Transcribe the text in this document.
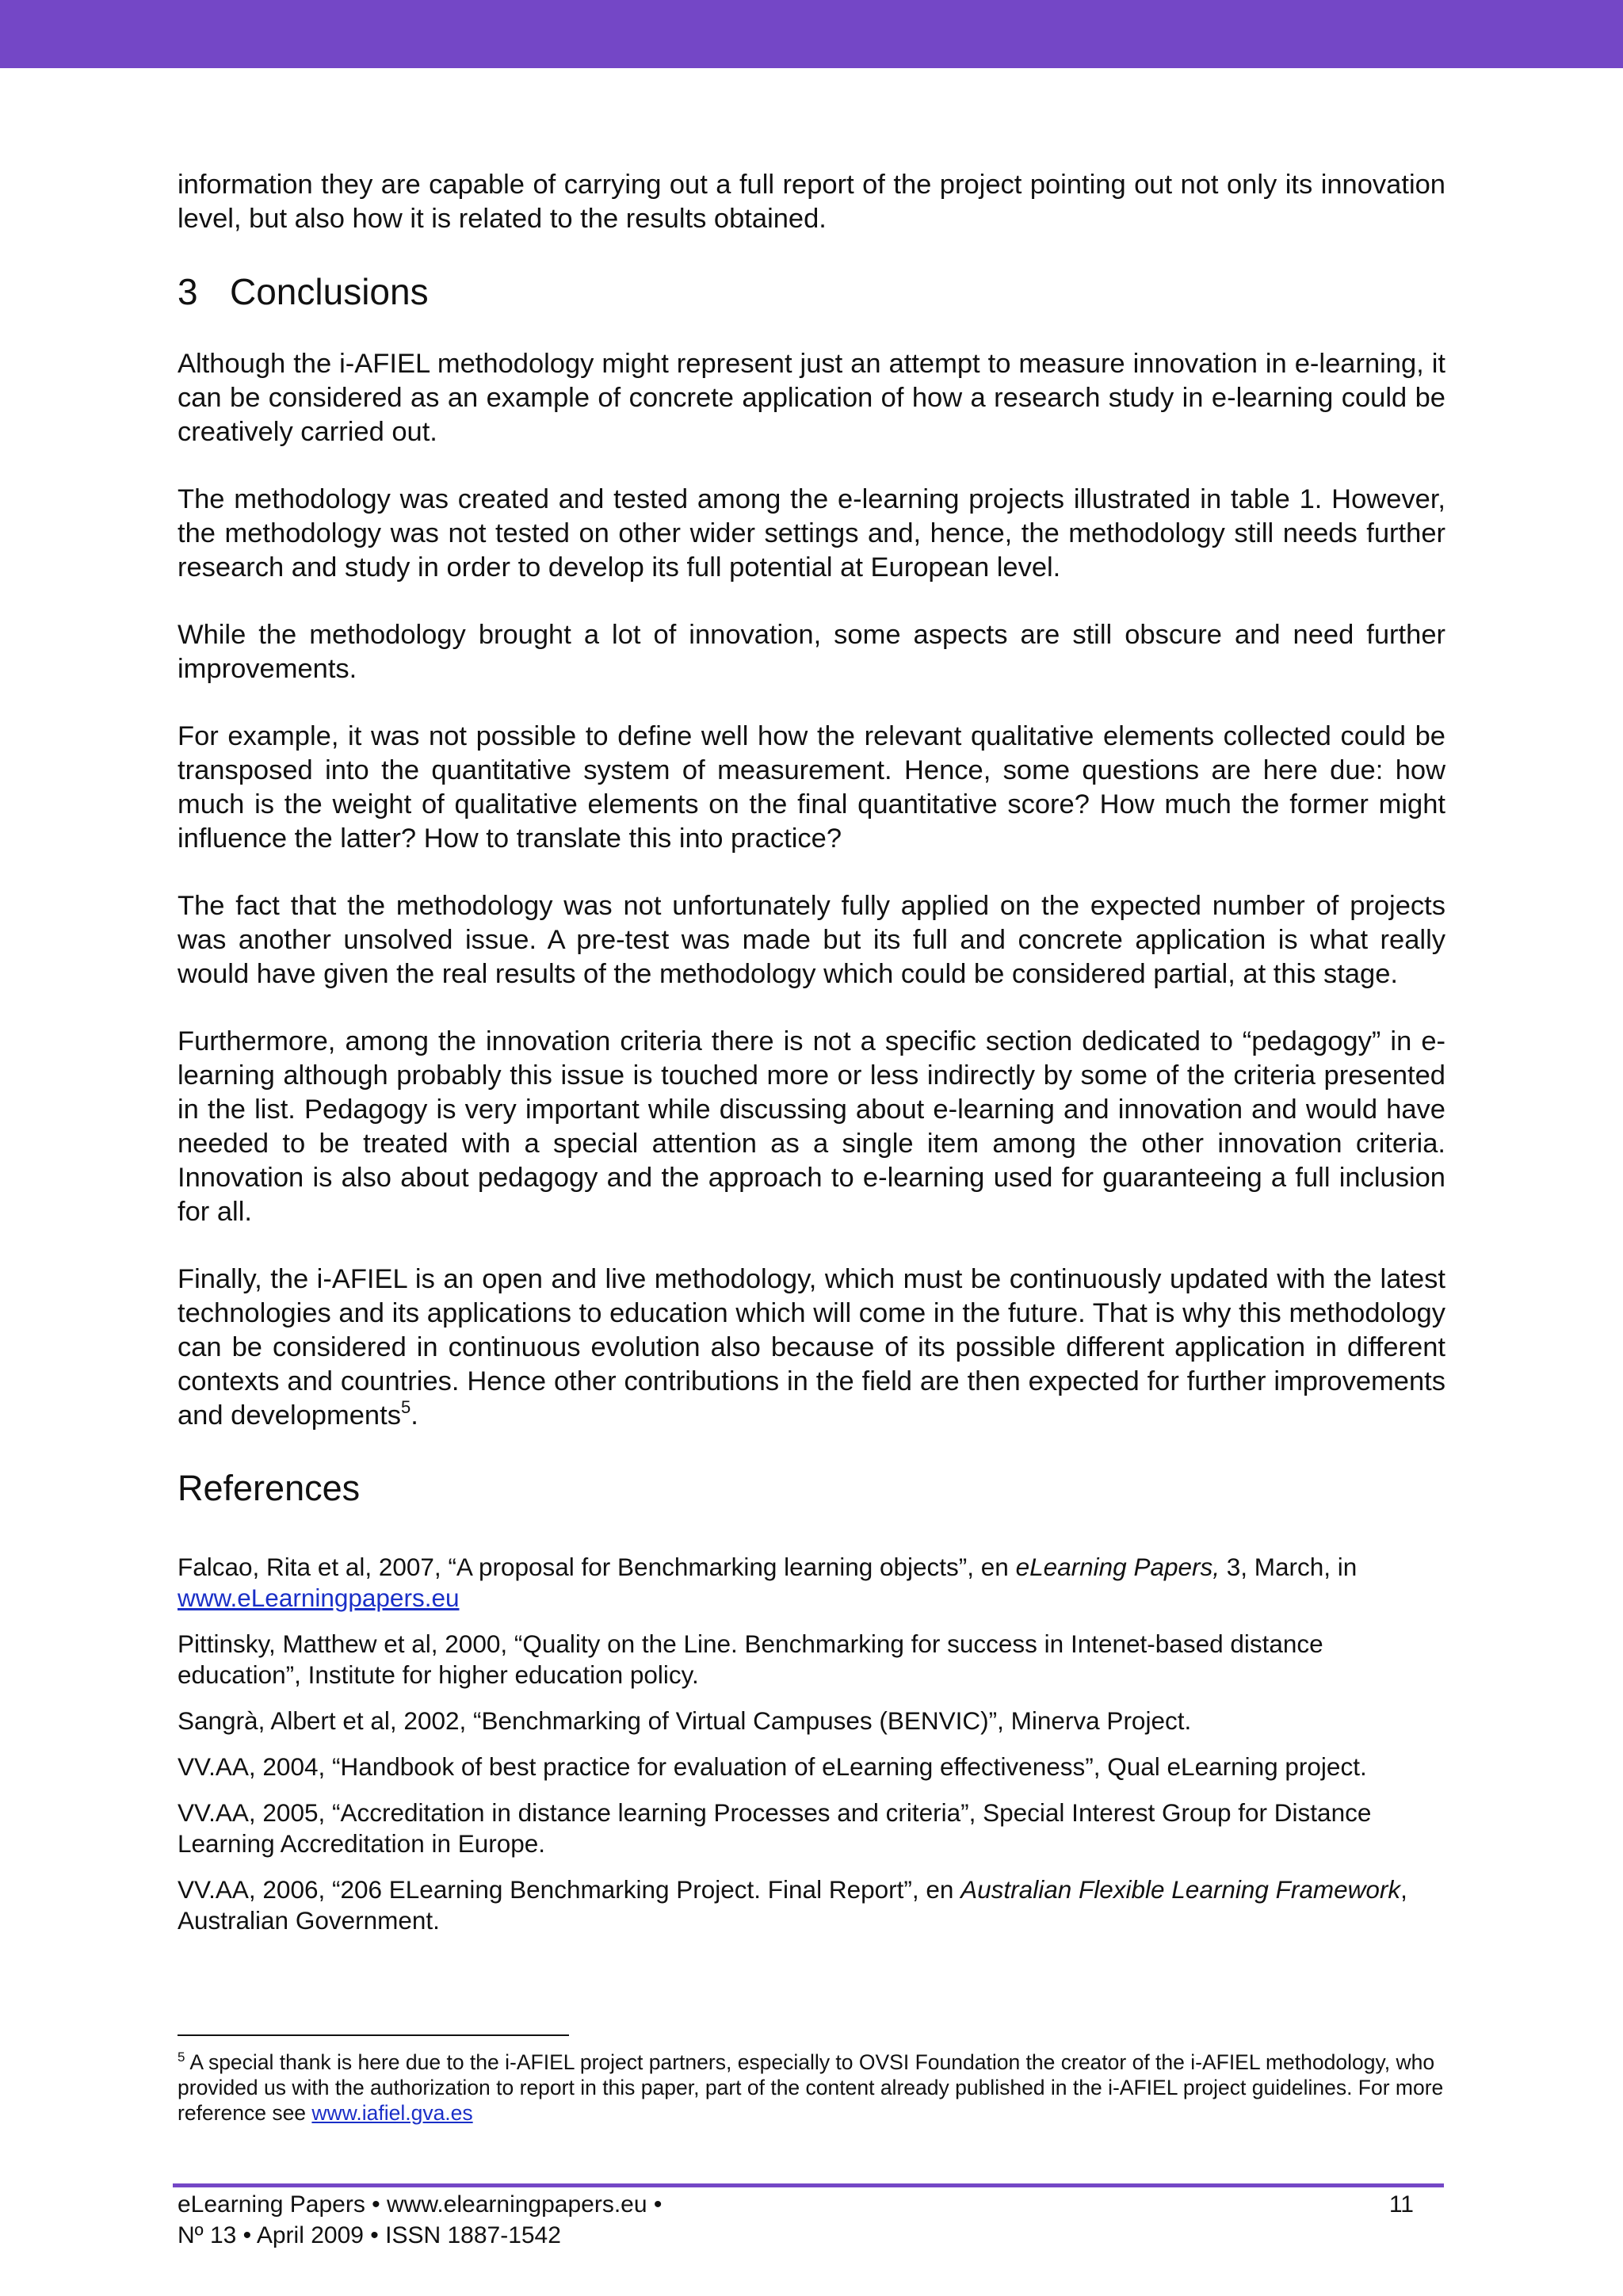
information they are capable of carrying out a full report of the project pointing out not only its innovation level, but also how it is related to the results obtained.

3 Conclusions

Although the i-AFIEL methodology might represent just an attempt to measure innovation in e-learning, it can be considered as an example of concrete application of how a research study in e-learning could be creatively carried out.

The methodology was created and tested among the e-learning projects illustrated in table 1. However, the methodology was not tested on other wider settings and, hence, the methodology still needs further research and study in order to develop its full potential at European level.

While the methodology brought a lot of innovation, some aspects are still obscure and need further improvements.

For example, it was not possible to define well how the relevant qualitative elements collected could be transposed into the quantitative system of measurement. Hence, some questions are here due: how much is the weight of qualitative elements on the final quantitative score? How much the former might influence the latter? How to translate this into practice?

The fact that the methodology was not unfortunately fully applied on the expected number of projects was another unsolved issue. A pre-test was made but its full and concrete application is what really would have given the real results of the methodology which could be considered partial, at this stage.

Furthermore, among the innovation criteria there is not a specific section dedicated to “pedagogy” in e-learning although probably this issue is touched more or less indirectly by some of the criteria presented in the list. Pedagogy is very important while discussing about e-learning and innovation and would have needed to be treated with a special attention as a single item among the other innovation criteria. Innovation is also about pedagogy and the approach to e-learning used for guaranteeing a full inclusion for all.

Finally, the i-AFIEL is an open and live methodology, which must be continuously updated with the latest technologies and its applications to education which will come in the future. That is why this methodology can be considered in continuous evolution also because of its possible different application in different contexts and countries. Hence other contributions in the field are then expected for further improvements and developments$^5$.

References
Falcao, Rita et al, 2007, “A proposal for Benchmarking learning objects”, en eLearning Papers, 3, March, in www.eLearningpapers.eu
Pittinsky, Matthew et al, 2000, “Quality on the Line. Benchmarking for success in Intenet-based distance education”, Institute for higher education policy.
Sangrà, Albert et al, 2002, “Benchmarking of Virtual Campuses (BENVIC)”, Minerva Project.
VV.AA, 2004, “Handbook of best practice for evaluation of eLearning effectiveness”, Qual eLearning project.
VV.AA, 2005, “Accreditation in distance learning Processes and criteria”, Special Interest Group for Distance Learning Accreditation in Europe.
VV.AA, 2006, “206 ELearning Benchmarking Project. Final Report”, en Australian Flexible Learning Framework, Australian Government.
$^5$ A special thank is here due to the i-AFIEL project partners, especially to OVSI Foundation the creator of the i-AFIEL methodology, who provided us with the authorization to report in this paper, part of the content already published in the i-AFIEL project guidelines. For more reference see www.iafiel.gva.es
eLearning Papers • www.elearningpapers.eu •
Nº 13 • April 2009 • ISSN 1887-1542
11
